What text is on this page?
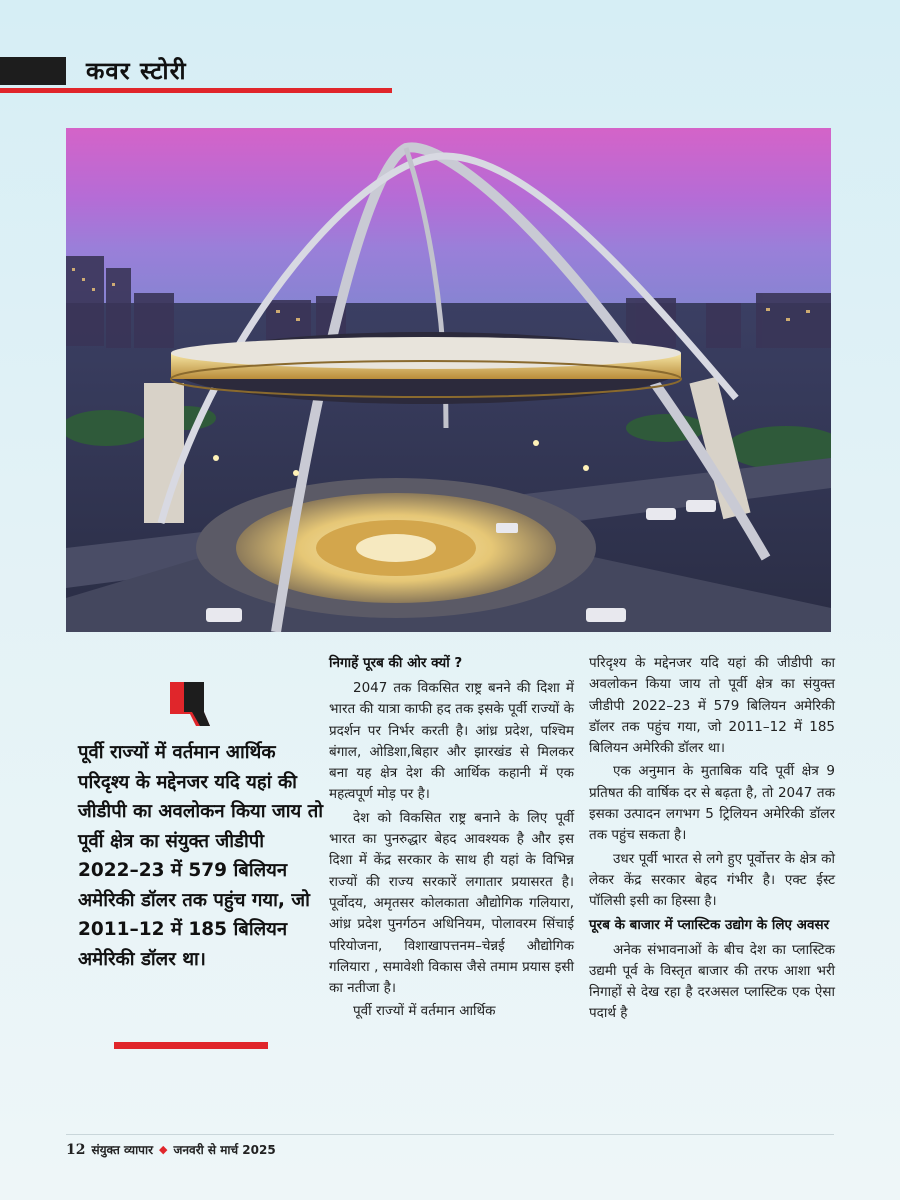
कवर स्टोरी

पूर्वी राज्यों में वर्तमान आर्थिक परिदृश्य के मद्देनजर यदि यहां की जीडीपी का अवलोकन किया जाय तो पूर्वी क्षेत्र का संयुक्त जीडीपी 2022–23 में 579 बिलियन अमेरिकी डॉलर तक पहुंच गया, जो 2011–12 में 185 बिलियन अमेरिकी डॉलर था।

निगाहें पूरब की ओर क्यों ?

2047 तक विकसित राष्ट्र बनने की दिशा में भारत की यात्रा काफी हद तक इसके पूर्वी राज्यों के प्रदर्शन पर निर्भर करती है। आंध्र प्रदेश, पश्चिम बंगाल, ओडिशा,बिहार और झारखंड से मिलकर बना यह क्षेत्र देश की आर्थिक कहानी में एक महत्वपूर्ण मोड़ पर है।

देश को विकसित राष्ट्र बनाने के लिए पूर्वी भारत का पुनरुद्धार बेहद आवश्यक है और इस दिशा में केंद्र सरकार के साथ ही यहां के विभिन्न राज्यों की राज्य सरकारें लगातार प्रयासरत है। पूर्वोदय, अमृतसर कोलकाता औद्योगिक गलियारा, आंध्र प्रदेश पुनर्गठन अधिनियम, पोलावरम सिंचाई परियोजना, विशाखापत्तनम–चेन्नई औद्योगिक गलियारा , समावेशी विकास जैसे तमाम प्रयास इसी का नतीजा है।

पूर्वी राज्यों में वर्तमान आर्थिक

परिदृश्य के मद्देनजर यदि यहां की जीडीपी का अवलोकन किया जाय तो पूर्वी क्षेत्र का संयुक्त जीडीपी 2022–23 में 579 बिलियन अमेरिकी डॉलर तक पहुंच गया, जो 2011–12 में 185 बिलियन अमेरिकी डॉलर था।

एक अनुमान के मुताबिक यदि पूर्वी क्षेत्र 9 प्रतिषत की वार्षिक दर से बढ़ता है, तो 2047 तक इसका उत्पादन लगभग 5 ट्रिलियन अमेरिकी डॉलर तक पहुंच सकता है।

उधर पूर्वी भारत से लगे हुए पूर्वोत्तर के क्षेत्र को लेकर केंद्र सरकार बेहद गंभीर है। एक्ट ईस्ट पॉलिसी इसी का हिस्सा है।

पूरब के बाजार में प्लास्टिक उद्योग के लिए अवसर

अनेक संभावनाओं के बीच देश का प्लास्टिक उद्यमी पूर्व के विस्तृत बाजार की तरफ आशा भरी निगाहों से देख रहा है दरअसल प्लास्टिक एक ऐसा पदार्थ है

12 संयुक्त व्यापार ◆ जनवरी से मार्च 2025
